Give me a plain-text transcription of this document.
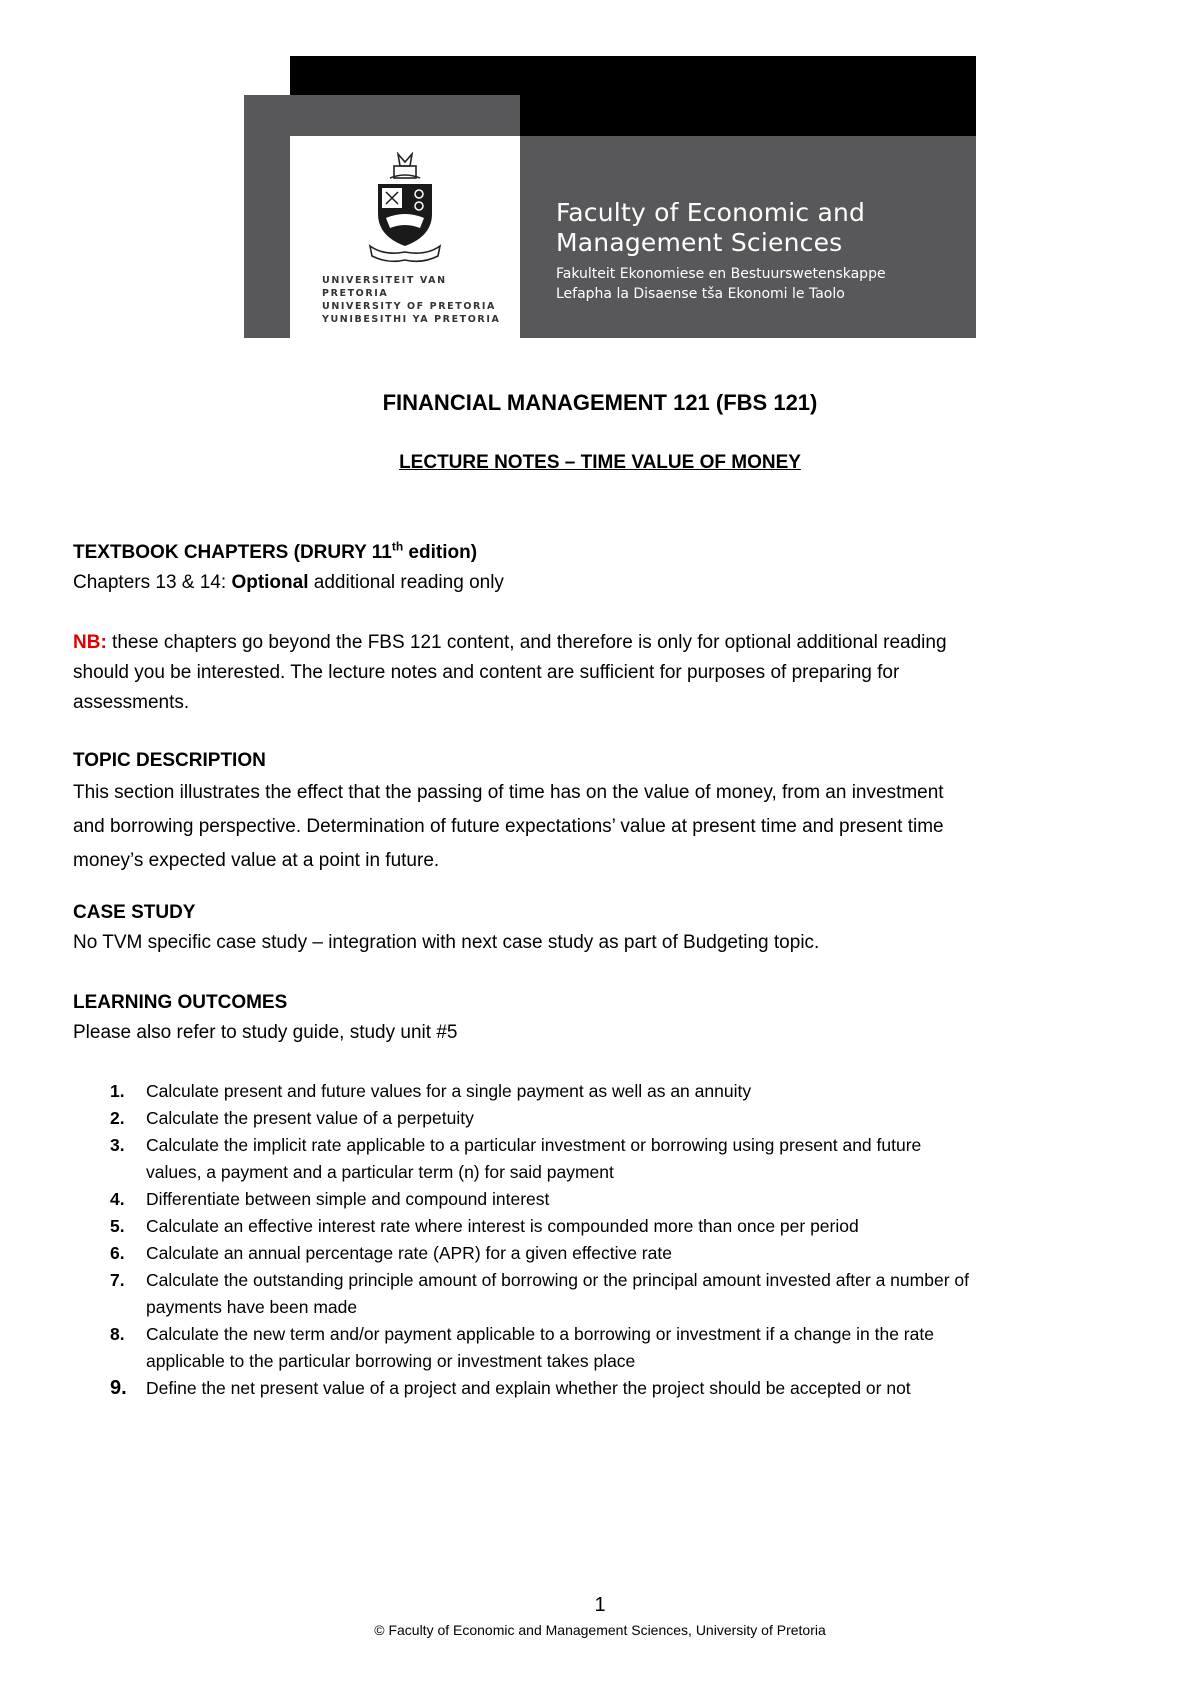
UNIVERSITEIT VAN PRETORIA
UNIVERSITY OF PRETORIA
YUNIBESITHI YA PRETORIA
Faculty of Economic and
Management Sciences
Fakulteit Ekonomiese en Bestuurswetenskappe
Lefapha la Disaense tša Ekonomi le Taolo
FINANCIAL MANAGEMENT 121 (FBS 121)
LECTURE NOTES – TIME VALUE OF MONEY
TEXTBOOK CHAPTERS (DRURY 11th edition)
Chapters 13 & 14: Optional additional reading only
NB: these chapters go beyond the FBS 121 content, and therefore is only for optional additional reading
should you be interested. The lecture notes and content are sufficient for purposes of preparing for
assessments.
TOPIC DESCRIPTION
This section illustrates the effect that the passing of time has on the value of money, from an investment
and borrowing perspective. Determination of future expectations’ value at present time and present time
money’s expected value at a point in future.
CASE STUDY
No TVM specific case study – integration with next case study as part of Budgeting topic.
LEARNING OUTCOMES
Please also refer to study guide, study unit #5
1.	Calculate present and future values for a single payment as well as an annuity
2.	Calculate the present value of a perpetuity
3.	Calculate the implicit rate applicable to a particular investment or borrowing using present and future
values, a payment and a particular term (n) for said payment
4.	Differentiate between simple and compound interest
5.	Calculate an effective interest rate where interest is compounded more than once per period
6.	Calculate an annual percentage rate (APR) for a given effective rate
7.	Calculate the outstanding principle amount of borrowing or the principal amount invested after a number of
payments have been made
8.	Calculate the new term and/or payment applicable to a borrowing or investment if a change in the rate
applicable to the particular borrowing or investment takes place
9.	Define the net present value of a project and explain whether the project should be accepted or not
1
© Faculty of Economic and Management Sciences, University of Pretoria
